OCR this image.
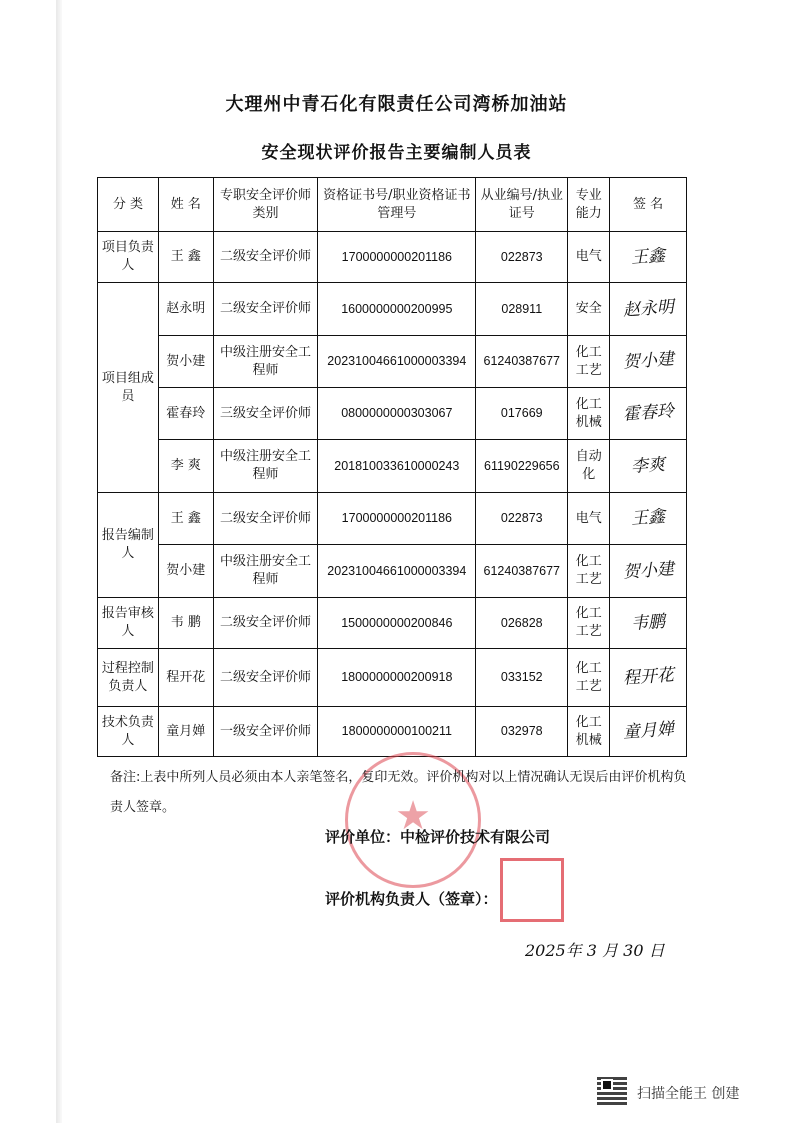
大理州中青石化有限责任公司湾桥加油站
安全现状评价报告主要编制人员表
分 类	姓 名	专职安全评价师类别	资格证书号/职业资格证书管理号	从业编号/执业证号	专业能力	签 名
项目负责人	王 鑫	二级安全评价师	1700000000201186	022873	电气	王鑫
项目组成员	赵永明	二级安全评价师	1600000000200995	028911	安全	赵永明
	贺小建	中级注册安全工程师	20231004661000003394	61240387677	化工工艺	贺小建
	霍春玲	三级安全评价师	0800000000303067	017669	化工机械	霍春玲
	李 爽	中级注册安全工程师	201810033610000243	61190229656	自动化	李爽
报告编制人	王 鑫	二级安全评价师	1700000000201186	022873	电气	王鑫
	贺小建	中级注册安全工程师	20231004661000003394	61240387677	化工工艺	贺小建
报告审核人	韦 鹏	二级安全评价师	1500000000200846	026828	化工工艺	韦鹏
过程控制负责人	程开花	二级安全评价师	1800000000200918	033152	化工工艺	程开花
技术负责人	童月婵	一级安全评价师	1800000000100211	032978	化工机械	童月婵
★
备注:上表中所列人员必须由本人亲笔签名，复印无效。评价机构对以上情况确认无误后由评价机构负责人签章。
评价单位：中检评价技术有限公司
评价机构负责人（签章）：
2025年 3 月 30 日
扫描全能王 创建
